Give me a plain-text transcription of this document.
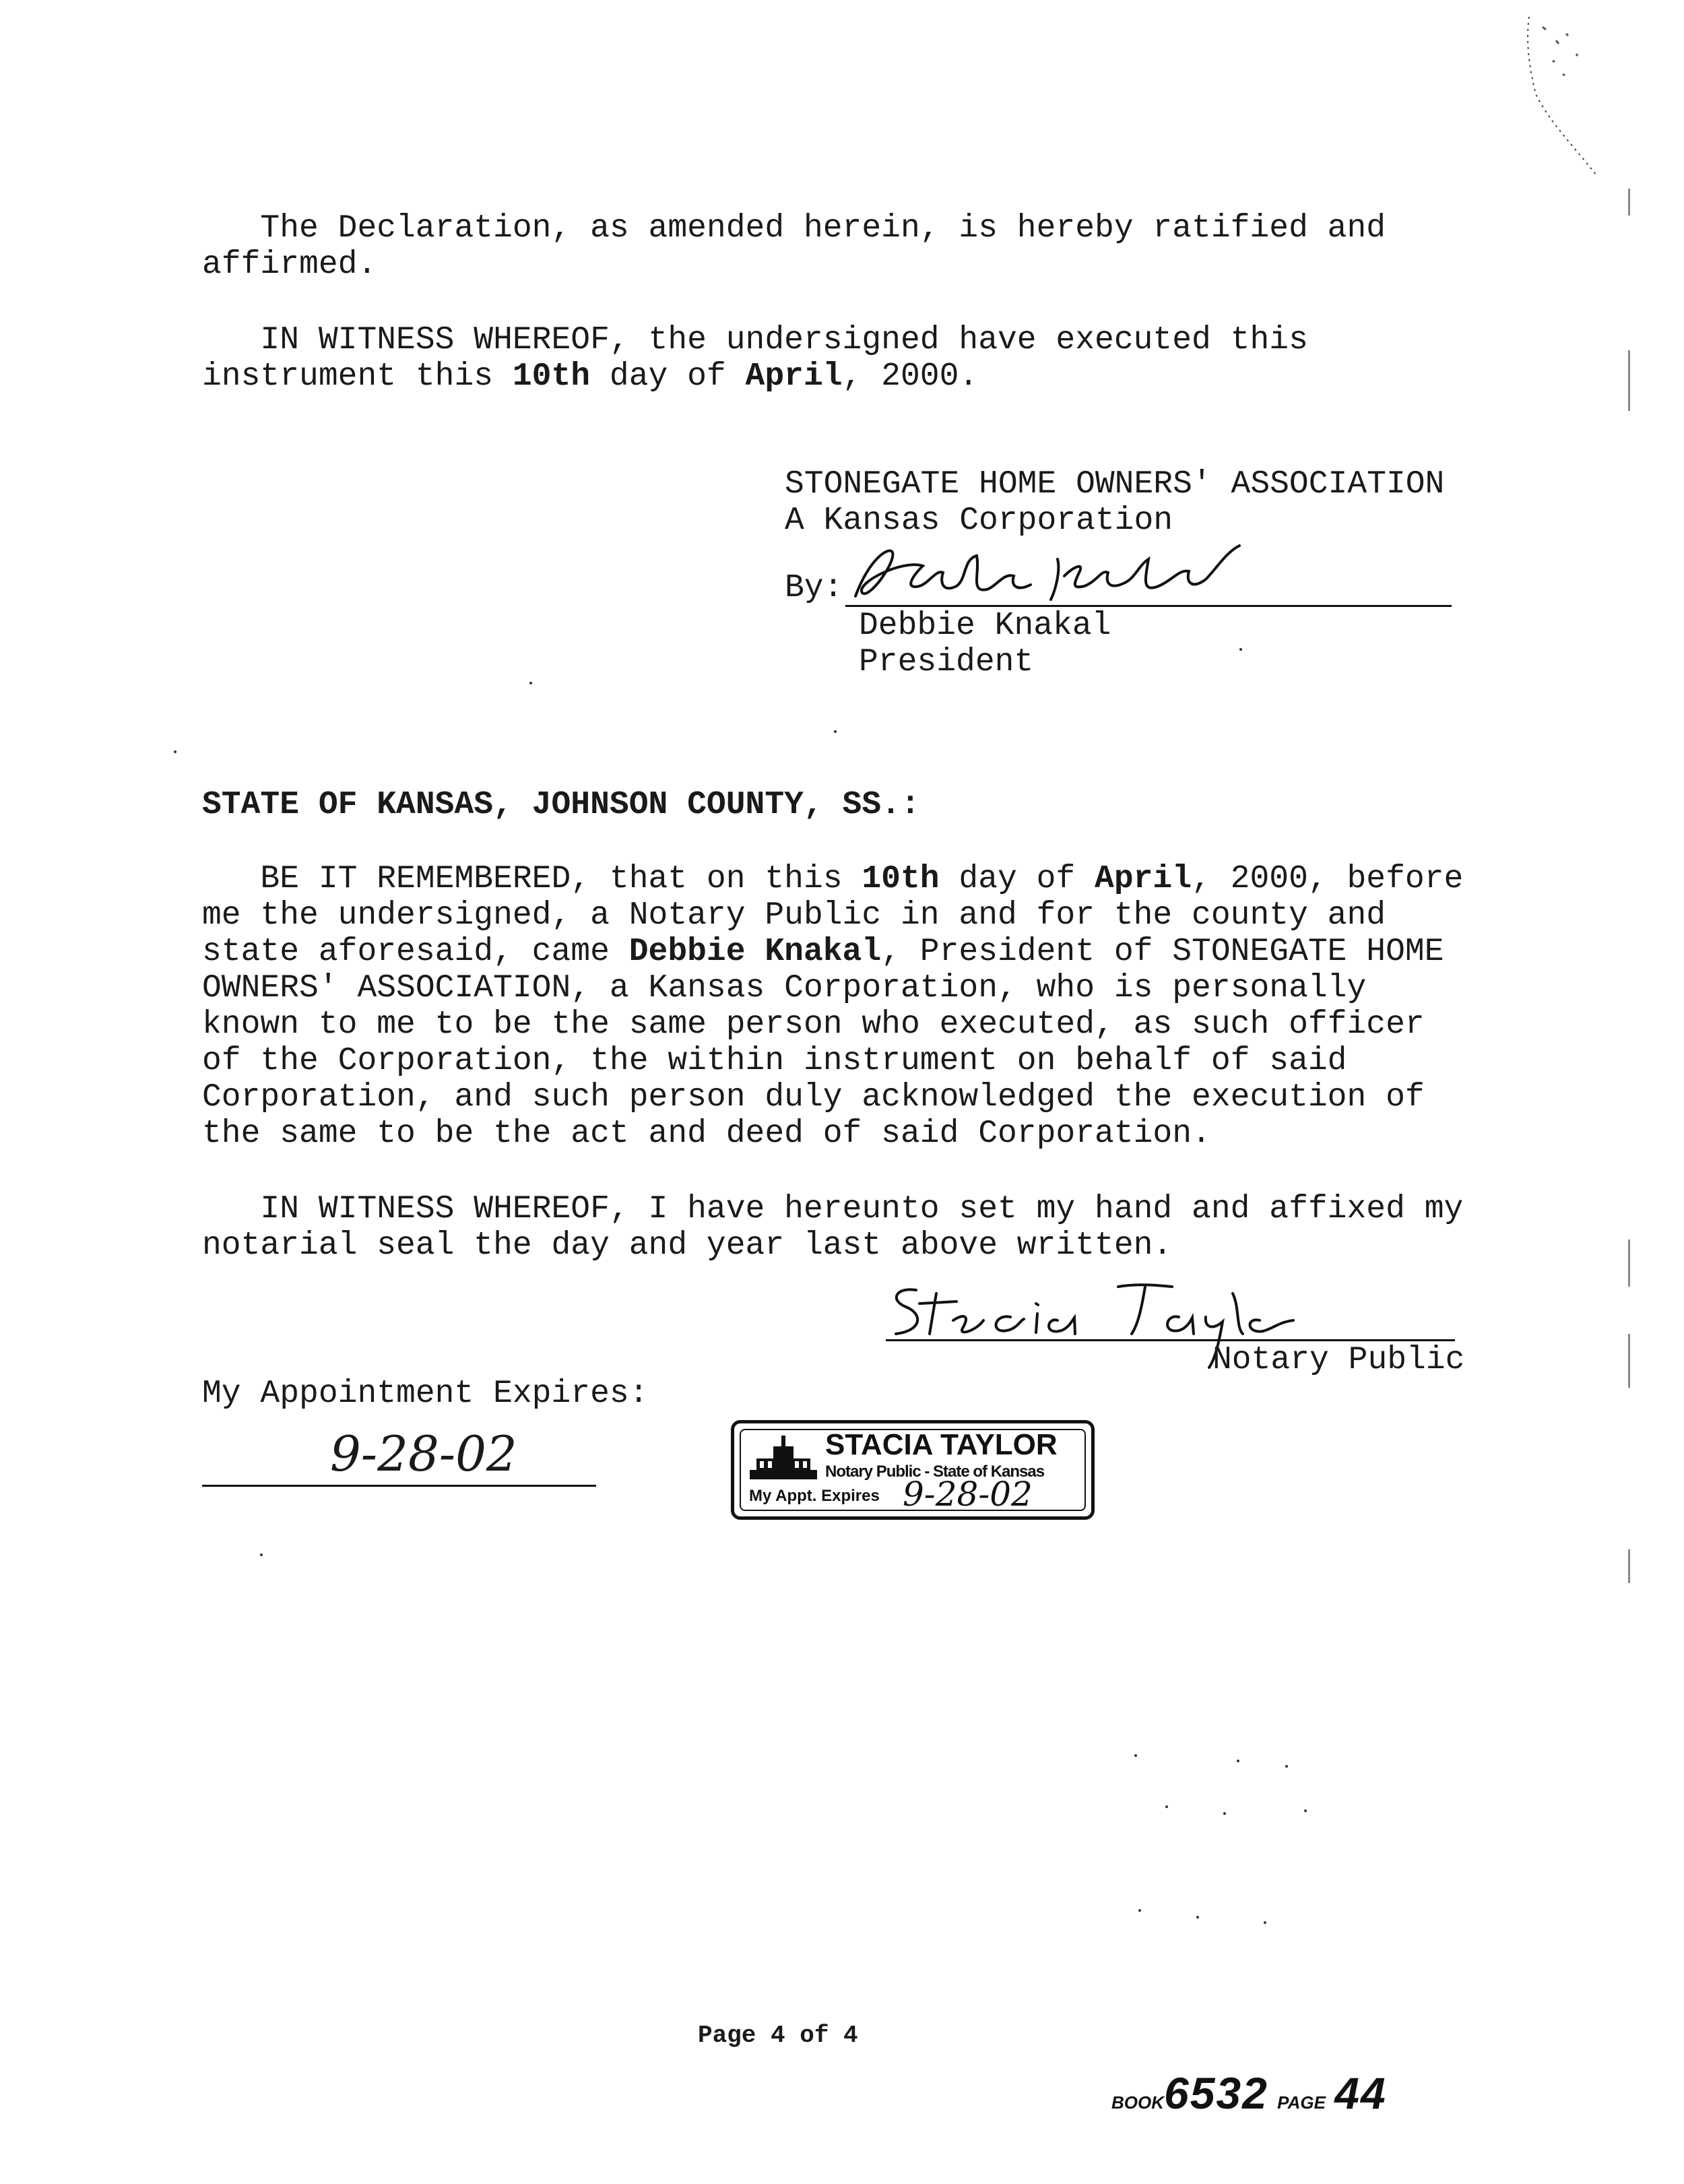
The Declaration, as amended herein, is hereby ratified and
affirmed.
IN WITNESS WHEREOF, the undersigned have executed this
instrument this 10th day of April, 2000.
STONEGATE HOME OWNERS' ASSOCIATION
A Kansas Corporation
By:
Debbie Knakal
President
STATE OF KANSAS, JOHNSON COUNTY, SS.:
BE IT REMEMBERED, that on this 10th day of April, 2000, before
me the undersigned, a Notary Public in and for the county and
state aforesaid, came Debbie Knakal, President of STONEGATE HOME
OWNERS' ASSOCIATION, a Kansas Corporation, who is personally
known to me to be the same person who executed, as such officer
of the Corporation, the within instrument on behalf of said
Corporation, and such person duly acknowledged the execution of
the same to be the act and deed of said Corporation.
IN WITNESS WHEREOF, I have hereunto set my hand and affixed my
notarial seal the day and year last above written.
Notary Public
My Appointment Expires:
9-28-02	STACIA TAYLOR
Notary Public - State of Kansas
My Appt. Expires 9-28-02
Page 4 of 4
BOOK6532 PAGE 44
